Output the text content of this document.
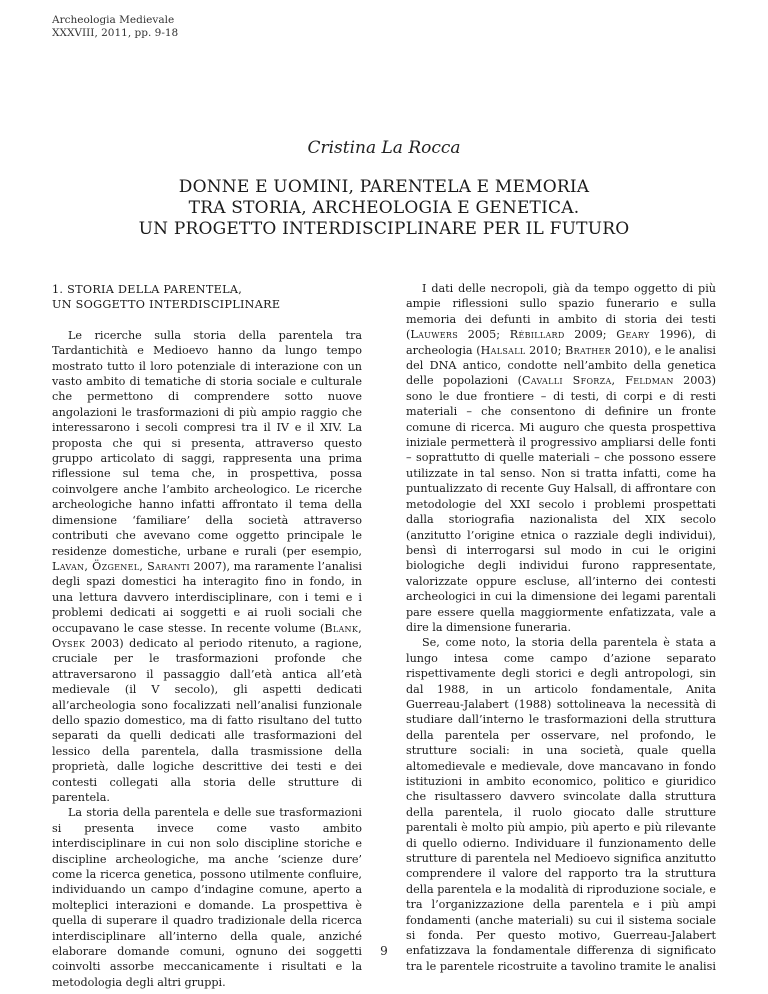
Archeologia Medievale
XXXVIII, 2011, pp. 9-18
Cristina La Rocca
DONNE E UOMINI, PARENTELA E MEMORIA
TRA STORIA, ARCHEOLOGIA E GENETICA.
UN PROGETTO INTERDISCIPLINARE PER IL FUTURO
1. STORIA DELLA PARENTELA,
UN SOGGETTO INTERDISCIPLINARE

Le ricerche sulla storia della parentela tra Tardantichità e Medioevo hanno da lungo tempo mostrato tutto il loro potenziale di interazione con un vasto ambito di tematiche di storia sociale e culturale che permettono di comprendere sotto nuove angolazioni le trasformazioni di più ampio raggio che interessarono i secoli compresi tra il IV e il XIV. La proposta che qui si presenta, attraverso questo gruppo articolato di saggi, rappresenta una prima riflessione sul tema che, in prospettiva, possa coinvolgere anche l’ambito archeologico. Le ricerche archeologiche hanno infatti affrontato il tema della dimensione ‘familiare’ della società attraverso contributi che avevano come oggetto principale le residenze domestiche, urbane e rurali (per esempio, Lavan, Özgenel, Saranti 2007), ma raramente l’analisi degli spazi domestici ha interagito fino in fondo, in una lettura davvero interdisciplinare, con i temi e i problemi dedicati ai soggetti e ai ruoli sociali che occupavano le case stesse. In recente volume (Blank, Oysek 2003) dedicato al periodo ritenuto, a ragione, cruciale per le trasformazioni profonde che attraversarono il passaggio dall’età antica all’età medievale (il V secolo), gli aspetti dedicati all’archeologia sono focalizzati nell’analisi funzionale dello spazio domestico, ma di fatto risultano del tutto separati da quelli dedicati alle trasformazioni del lessico della parentela, dalla trasmissione della proprietà, dalle logiche descrittive dei testi e dei contesti collegati alla storia delle strutture di parentela.

La storia della parentela e delle sue trasformazioni si presenta invece come vasto ambito interdisciplinare in cui non solo discipline storiche e discipline archeologiche, ma anche ‘scienze dure’ come la ricerca genetica, possono utilmente confluire, individuando un campo d’indagine comune, aperto a molteplici interazioni e domande. La prospettiva è quella di superare il quadro tradizionale della ricerca interdisciplinare all’interno della quale, anziché elaborare domande comuni, ognuno dei soggetti coinvolti assorbe meccanicamente i risultati e la metodologia degli altri gruppi.

I dati delle necropoli, già da tempo oggetto di più ampie riflessioni sullo spazio funerario e sulla memoria dei defunti in ambito di storia dei testi (Lauwers 2005; Rébillard 2009; Geary 1996), di archeologia (Halsall 2010; Brather 2010), e le analisi del DNA antico, condotte nell’ambito della genetica delle popolazioni (Cavalli Sforza, Feldman 2003) sono le due frontiere – di testi, di corpi e di resti materiali – che consentono di definire un fronte comune di ricerca. Mi auguro che questa prospettiva iniziale permetterà il progressivo ampliarsi delle fonti – soprattutto di quelle materiali – che possono essere utilizzate in tal senso. Non si tratta infatti, come ha puntualizzato di recente Guy Halsall, di affrontare con metodologie del XXI secolo i problemi prospettati dalla storiografia nazionalista del XIX secolo (anzitutto l’origine etnica o razziale degli individui), bensì di interrogarsi sul modo in cui le origini biologiche degli individui furono rappresentate, valorizzate oppure escluse, all’interno dei contesti archeologici in cui la dimensione dei legami parentali pare essere quella maggiormente enfatizzata, vale a dire la dimensione funeraria.

Se, come noto, la storia della parentela è stata a lungo intesa come campo d’azione separato rispettivamente degli storici e degli antropologi, sin dal 1988, in un articolo fondamentale, Anita Guerreau-Jalabert (1988) sottolineava la necessità di studiare dall’interno le trasformazioni della struttura della parentela per osservare, nel profondo, le strutture sociali: in una società, quale quella altomedievale e medievale, dove mancavano in fondo istituzioni in ambito economico, politico e giuridico che risultassero davvero svincolate dalla struttura della parentela, il ruolo giocato dalle strutture parentali è molto più ampio, più aperto e più rilevante di quello odierno. Individuare il funzionamento delle strutture di parentela nel Medioevo significa anzitutto comprendere il valore del rapporto tra la struttura della parentela e la modalità di riproduzione sociale, e tra l’organizzazione della parentela e i più ampi fondamenti (anche materiali) su cui il sistema sociale si fonda. Per questo motivo, Guerreau-Jalabert enfatizzava la fondamentale differenza di significato tra le parentele ricostruite a tavolino tramite le analisi

9
